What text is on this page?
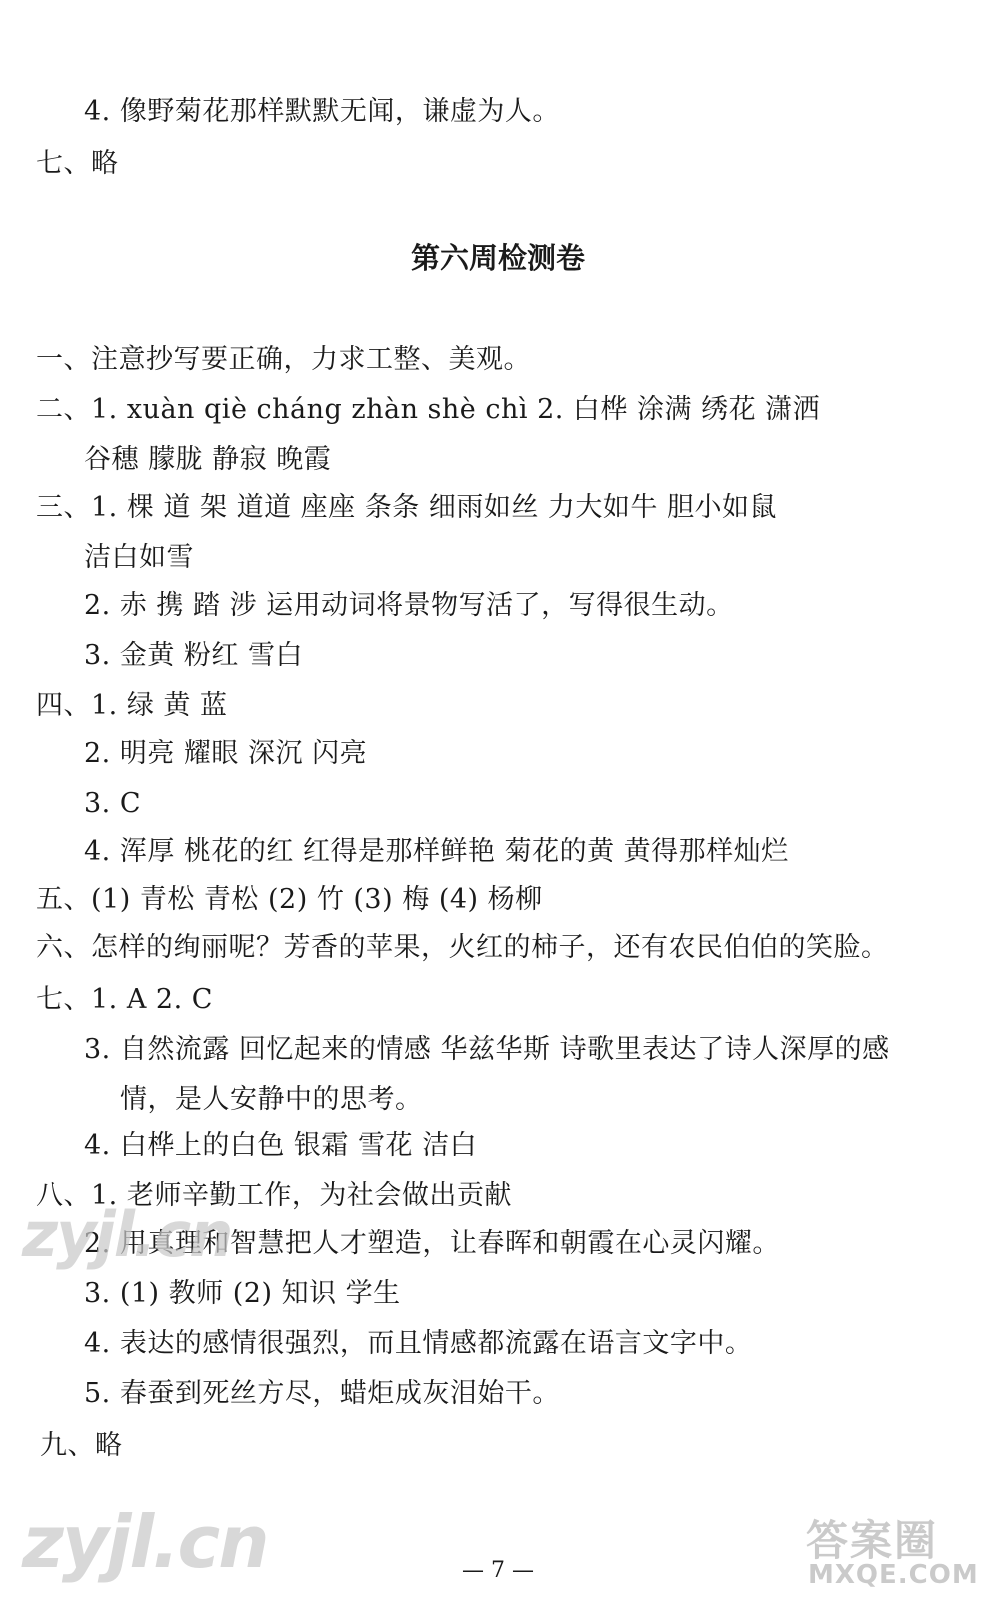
4. 像野菊花那样默默无闻，谦虚为人。
七、略
第六周检测卷
一、注意抄写要正确，力求工整、美观。
二、1. xuàn qiè cháng zhàn shè chì 2. 白桦 涂满 绣花 潇洒
谷穗 朦胧 静寂 晚霞
三、1. 棵 道 架 道道 座座 条条 细雨如丝 力大如牛 胆小如鼠
洁白如雪
2. 赤 携 踏 涉 运用动词将景物写活了，写得很生动。
3. 金黄 粉红 雪白
四、1. 绿 黄 蓝
2. 明亮 耀眼 深沉 闪亮
3. C
4. 浑厚 桃花的红 红得是那样鲜艳 菊花的黄 黄得那样灿烂
五、(1) 青松 青松 (2) 竹 (3) 梅 (4) 杨柳
六、怎样的绚丽呢？芳香的苹果，火红的柿子，还有农民伯伯的笑脸。
七、1. A 2. C
3. 自然流露 回忆起来的情感 华兹华斯 诗歌里表达了诗人深厚的感
情，是人安静中的思考。
4. 白桦上的白色 银霜 雪花 洁白
八、1. 老师辛勤工作，为社会做出贡献
2. 用真理和智慧把人才塑造，让春晖和朝霞在心灵闪耀。
3. (1) 教师 (2) 知识 学生
4. 表达的感情很强烈，而且情感都流露在语言文字中。
5. 春蚕到死丝方尽，蜡炬成灰泪始干。
九、略
zyjl.cn
zyjl.cn	答案圈
MXQE.COM
— 7 —
